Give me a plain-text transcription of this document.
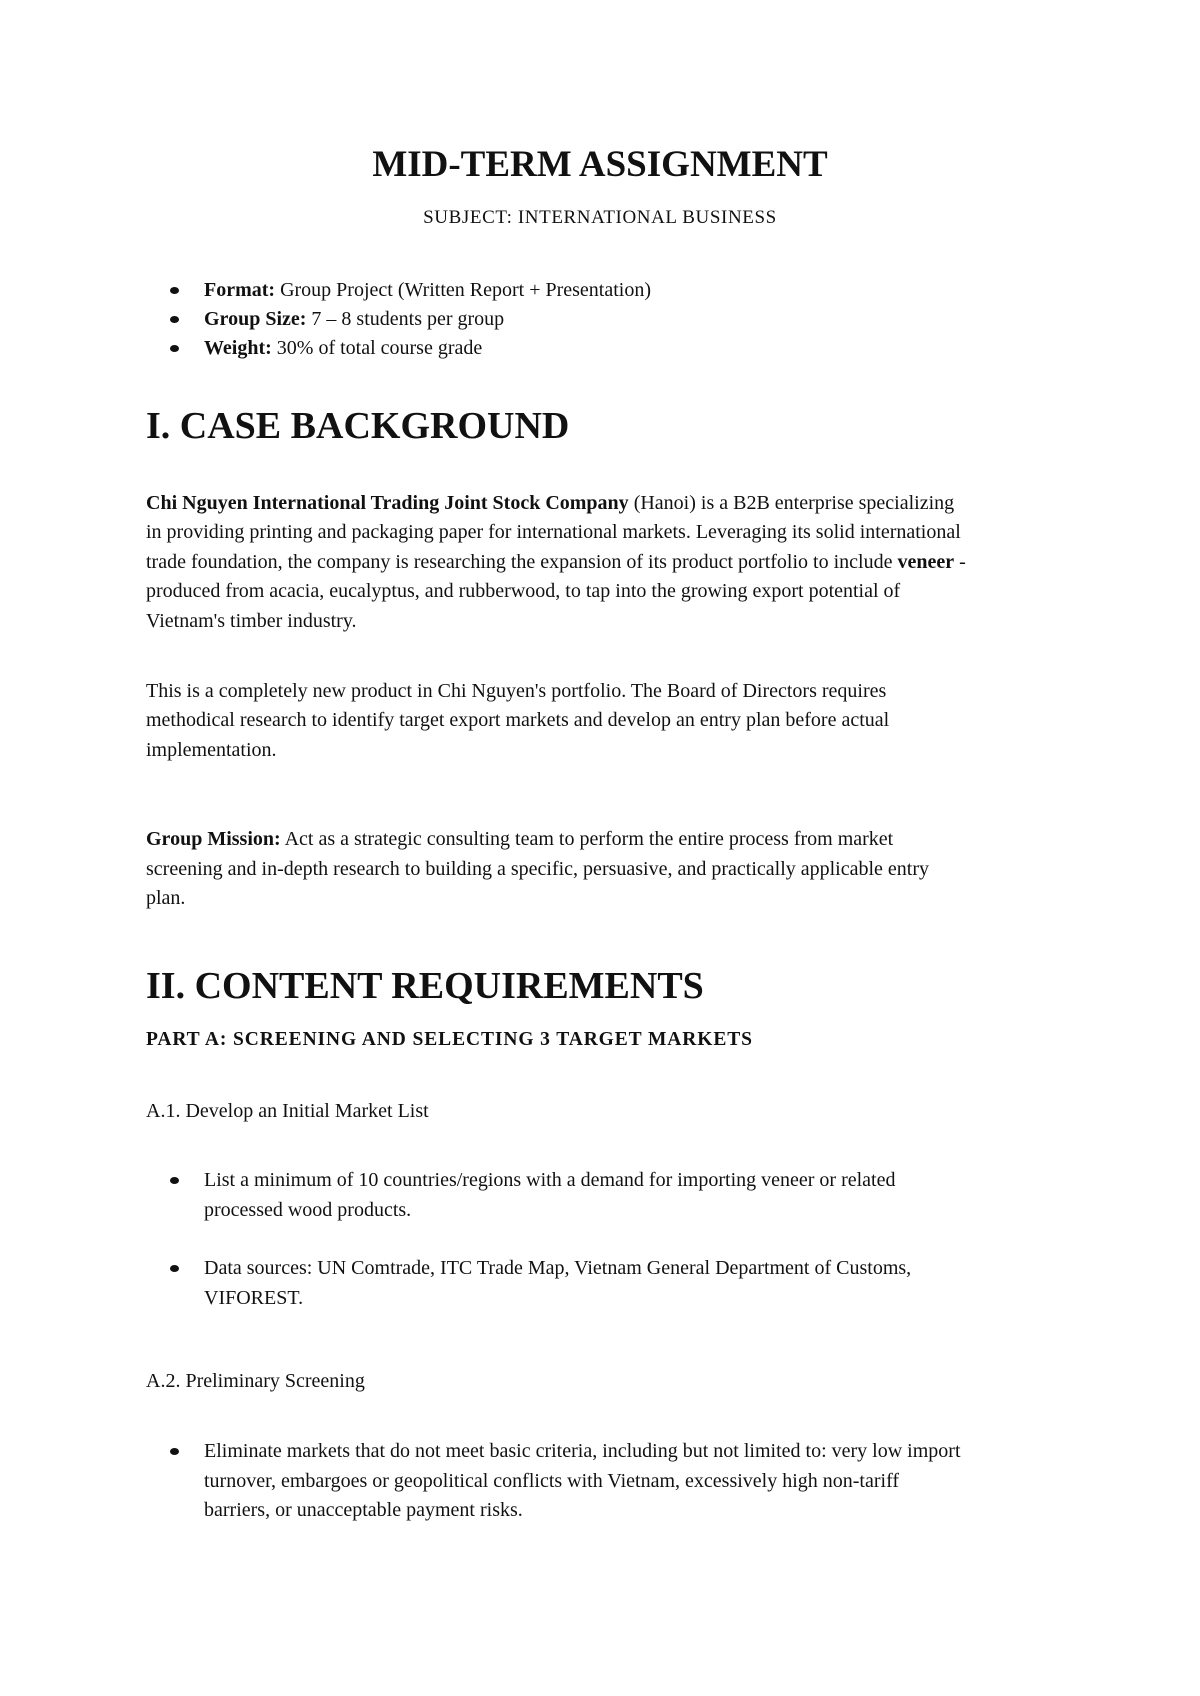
MID-TERM ASSIGNMENT

SUBJECT: INTERNATIONAL BUSINESS

Format: Group Project (Written Report + Presentation)
Group Size: 7 – 8 students per group
Weight: 30% of total course grade
I. CASE BACKGROUND

Chi Nguyen International Trading Joint Stock Company (Hanoi) is a B2B enterprise specializing

in providing printing and packaging paper for international markets. Leveraging its solid international

trade foundation, the company is researching the expansion of its product portfolio to include veneer -

produced from acacia, eucalyptus, and rubberwood, to tap into the growing export potential of

Vietnam's timber industry.

This is a completely new product in Chi Nguyen's portfolio. The Board of Directors requires

methodical research to identify target export markets and develop an entry plan before actual

implementation.

Group Mission: Act as a strategic consulting team to perform the entire process from market

screening and in-depth research to building a specific, persuasive, and practically applicable entry

plan.

II. CONTENT REQUIREMENTS
PART A: SCREENING AND SELECTING 3 TARGET MARKETS

A.1. Develop an Initial Market List

List a minimum of 10 countries/regions with a demand for importing veneer or related
processed wood products.
Data sources: UN Comtrade, ITC Trade Map, Vietnam General Department of Customs,
VIFOREST.

A.2. Preliminary Screening

Eliminate markets that do not meet basic criteria, including but not limited to: very low import
turnover, embargoes or geopolitical conflicts with Vietnam, excessively high non-tariff
barriers, or unacceptable payment risks.
